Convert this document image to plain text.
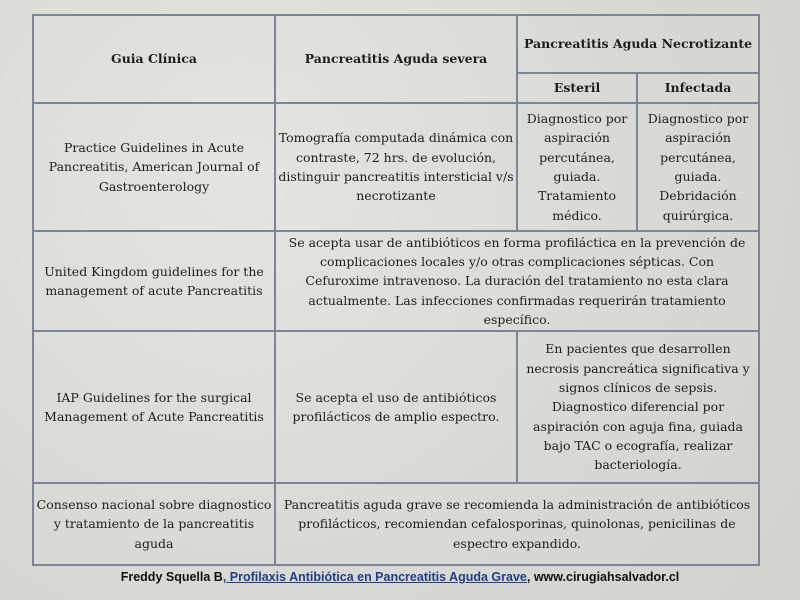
Guia Clínica	Pancreatitis Aguda severa	Pancreatitis Aguda Necrotizante	
		Esteril	Infectada
Practice Guidelines in Acute Pancreatitis, American Journal of Gastroenterology	Tomografía computada dinámica con contraste, 72 hrs. de evolución, distinguir pancreatitis intersticial v/s necrotizante	Diagnostico por aspiración percutánea, guiada. Tratamiento médico.	Diagnostico por aspiración percutánea, guiada. Debridación quirúrgica.
United Kingdom guidelines for the management of acute Pancreatitis	Se acepta usar de antibióticos en forma profiláctica en la prevención de complicaciones locales y/o otras complicaciones sépticas. Con Cefuroxime intravenoso. La duración del tratamiento no esta clara actualmente. Las infecciones confirmadas requerirán tratamiento específico.		
IAP Guidelines for the surgical Management of Acute Pancreatitis	Se acepta el uso de antibióticos profilácticos de amplio espectro.	En pacientes que desarrollen necrosis pancreática significativa y signos clínicos de sepsis. Diagnostico diferencial por aspiración con aguja fina, guiada bajo TAC o ecografía, realizar bacteriología.	
Consenso nacional sobre diagnostico y tratamiento de la pancreatitis aguda	Pancreatitis aguda grave se recomienda la administración de antibióticos profilácticos, recomiendan cefalosporinas, quinolonas, penicilinas de espectro expandido.		
Freddy Squella B, Profilaxis Antibiótica en Pancreatitis Aguda Grave, www.cirugiahsalvador.cl
